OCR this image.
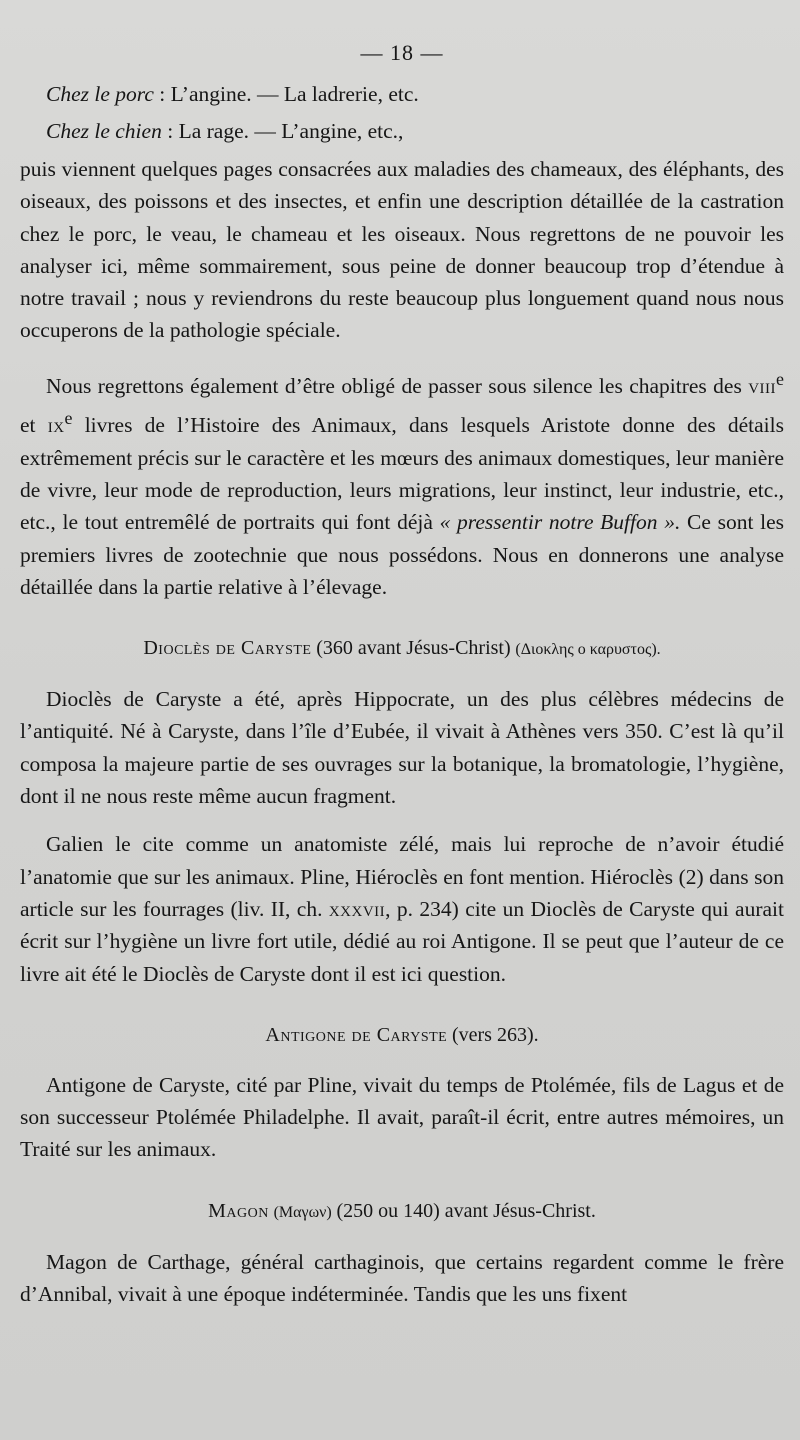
— 18 —
Chez le porc : L’angine. — La ladrerie, etc.
Chez le chien : La rage. — L’angine, etc.,

puis viennent quelques pages consacrées aux maladies des chameaux, des éléphants, des oiseaux, des poissons et des insectes, et enfin une description détaillée de la castration chez le porc, le veau, le chameau et les oiseaux. Nous regrettons de ne pouvoir les analyser ici, même sommairement, sous peine de donner beaucoup trop d’étendue à notre travail ; nous y reviendrons du reste beaucoup plus longuement quand nous nous occuperons de la pathologie spéciale.

Nous regrettons également d’être obligé de passer sous silence les chapitres des viii$^e$ et $ix^e$ livres de l’Histoire des Animaux, dans lesquels Aristote donne des détails extrêmement précis sur le caractère et les mœurs des animaux domestiques, leur manière de vivre, leur mode de reproduction, leurs migrations, leur instinct, leur industrie, etc., etc., le tout entremêlé de portraits qui font déjà « pressentir notre Buffon ». Ce sont les premiers livres de zootechnie que nous possédons. Nous en donnerons une analyse détaillée dans la partie relative à l’élevage.

Dioclès de Caryste (360 avant Jésus-Christ) (Διοκλης ο καρυστος).

Dioclès de Caryste a été, après Hippocrate, un des plus célèbres médecins de l’antiquité. Né à Caryste, dans l’île d’Eubée, il vivait à Athènes vers 350. C’est là qu’il composa la majeure partie de ses ouvrages sur la botanique, la bromatologie, l’hygiène, dont il ne nous reste même aucun fragment.

Galien le cite comme un anatomiste zélé, mais lui reproche de n’avoir étudié l’anatomie que sur les animaux. Pline, Hiéroclès en font mention. Hiéroclès (2) dans son article sur les fourrages (liv. II, ch. xxxvii, p. 234) cite un Dioclès de Caryste qui aurait écrit sur l’hygiène un livre fort utile, dédié au roi Antigone. Il se peut que l’auteur de ce livre ait été le Dioclès de Caryste dont il est ici question.

Antigone de Caryste (vers 263).

Antigone de Caryste, cité par Pline, vivait du temps de Ptolémée, fils de Lagus et de son successeur Ptolémée Philadelphe. Il avait, paraît-il écrit, entre autres mémoires, un Traité sur les animaux.

Magon (Μαγων) (250 ou 140) avant Jésus-Christ.

Magon de Carthage, général carthaginois, que certains regardent comme le frère d’Annibal, vivait à une époque indéterminée. Tandis que les uns fixent
